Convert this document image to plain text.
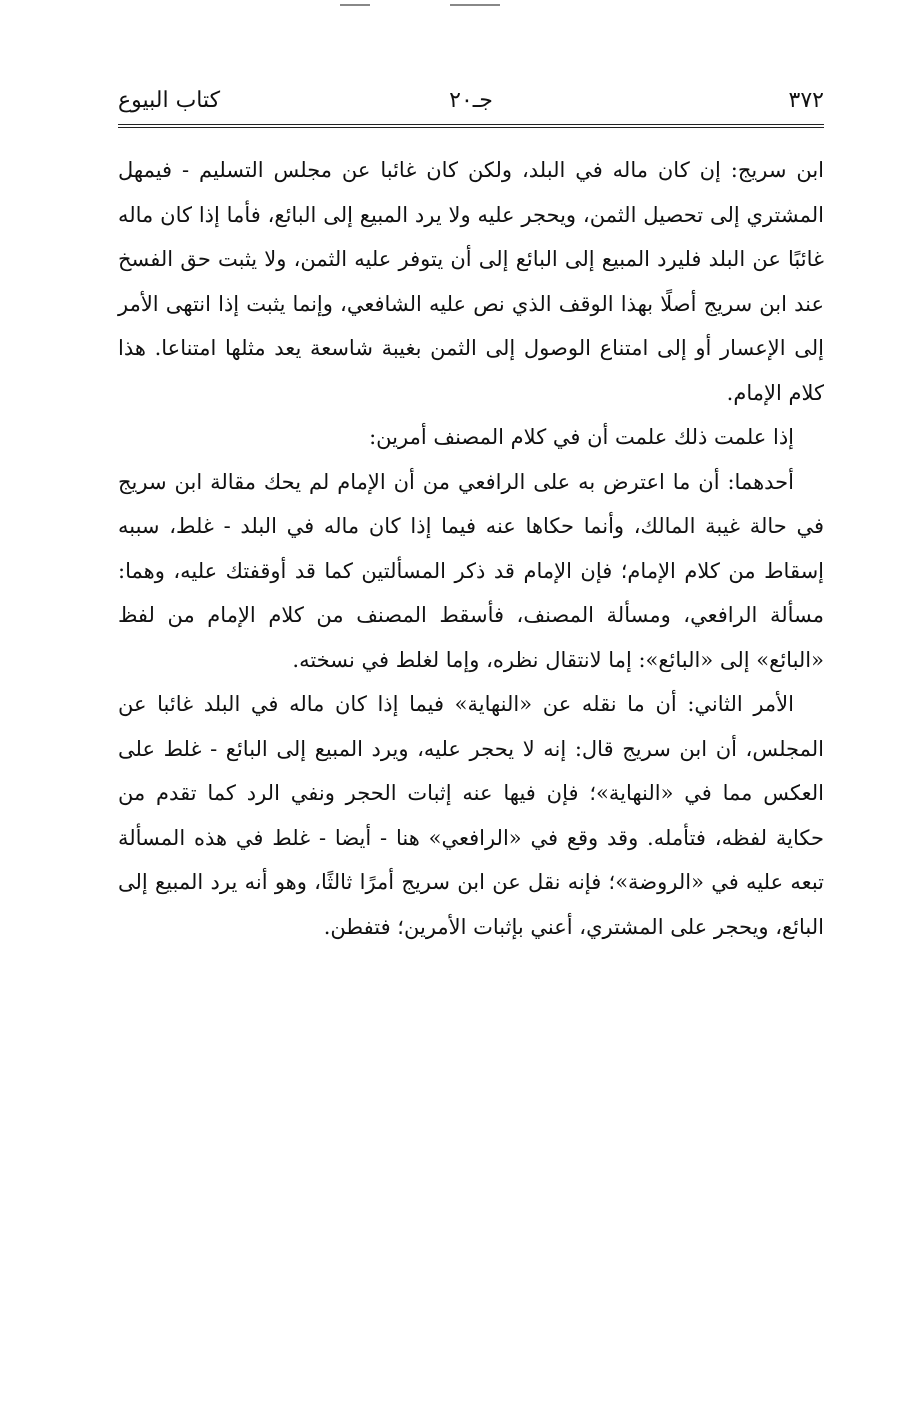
٣٧٢
جـ٢٠
كتاب البيوع

ابن سريج: إن كان ماله في البلد، ولكن كان غائبا عن مجلس التسليم - فيمهل المشتري إلى تحصيل الثمن، ويحجر عليه ولا يرد المبيع إلى البائع، فأما إذا كان ماله غائبًا عن البلد فليرد المبيع إلى البائع إلى أن يتوفر عليه الثمن، ولا يثبت حق الفسخ عند ابن سريج أصلًا بهذا الوقف الذي نص عليه الشافعي، وإنما يثبت إذا انتهى الأمر إلى الإعسار أو إلى امتناع الوصول إلى الثمن بغيبة شاسعة يعد مثلها امتناعا. هذا كلام الإمام.

إذا علمت ذلك علمت أن في كلام المصنف أمرين:

أحدهما: أن ما اعترض به على الرافعي من أن الإمام لم يحك مقالة ابن سريج في حالة غيبة المالك، وأنما حكاها عنه فيما إذا كان ماله في البلد - غلط، سببه إسقاط من كلام الإمام؛ فإن الإمام قد ذكر المسألتين كما قد أوقفتك عليه، وهما: مسألة الرافعي، ومسألة المصنف، فأسقط المصنف من كلام الإمام من لفظ «البائع» إلى «البائع»: إما لانتقال نظره، وإما لغلط في نسخته.

الأمر الثاني: أن ما نقله عن «النهاية» فيما إذا كان ماله في البلد غائبا عن المجلس، أن ابن سريج قال: إنه لا يحجر عليه، ويرد المبيع إلى البائع - غلط على العكس مما في «النهاية»؛ فإن فيها عنه إثبات الحجر ونفي الرد كما تقدم من حكاية لفظه، فتأمله. وقد وقع في «الرافعي» هنا - أيضا - غلط في هذه المسألة تبعه عليه في «الروضة»؛ فإنه نقل عن ابن سريج أمرًا ثالثًا، وهو أنه يرد المبيع إلى البائع، ويحجر على المشتري، أعني بإثبات الأمرين؛ فتفطن.
